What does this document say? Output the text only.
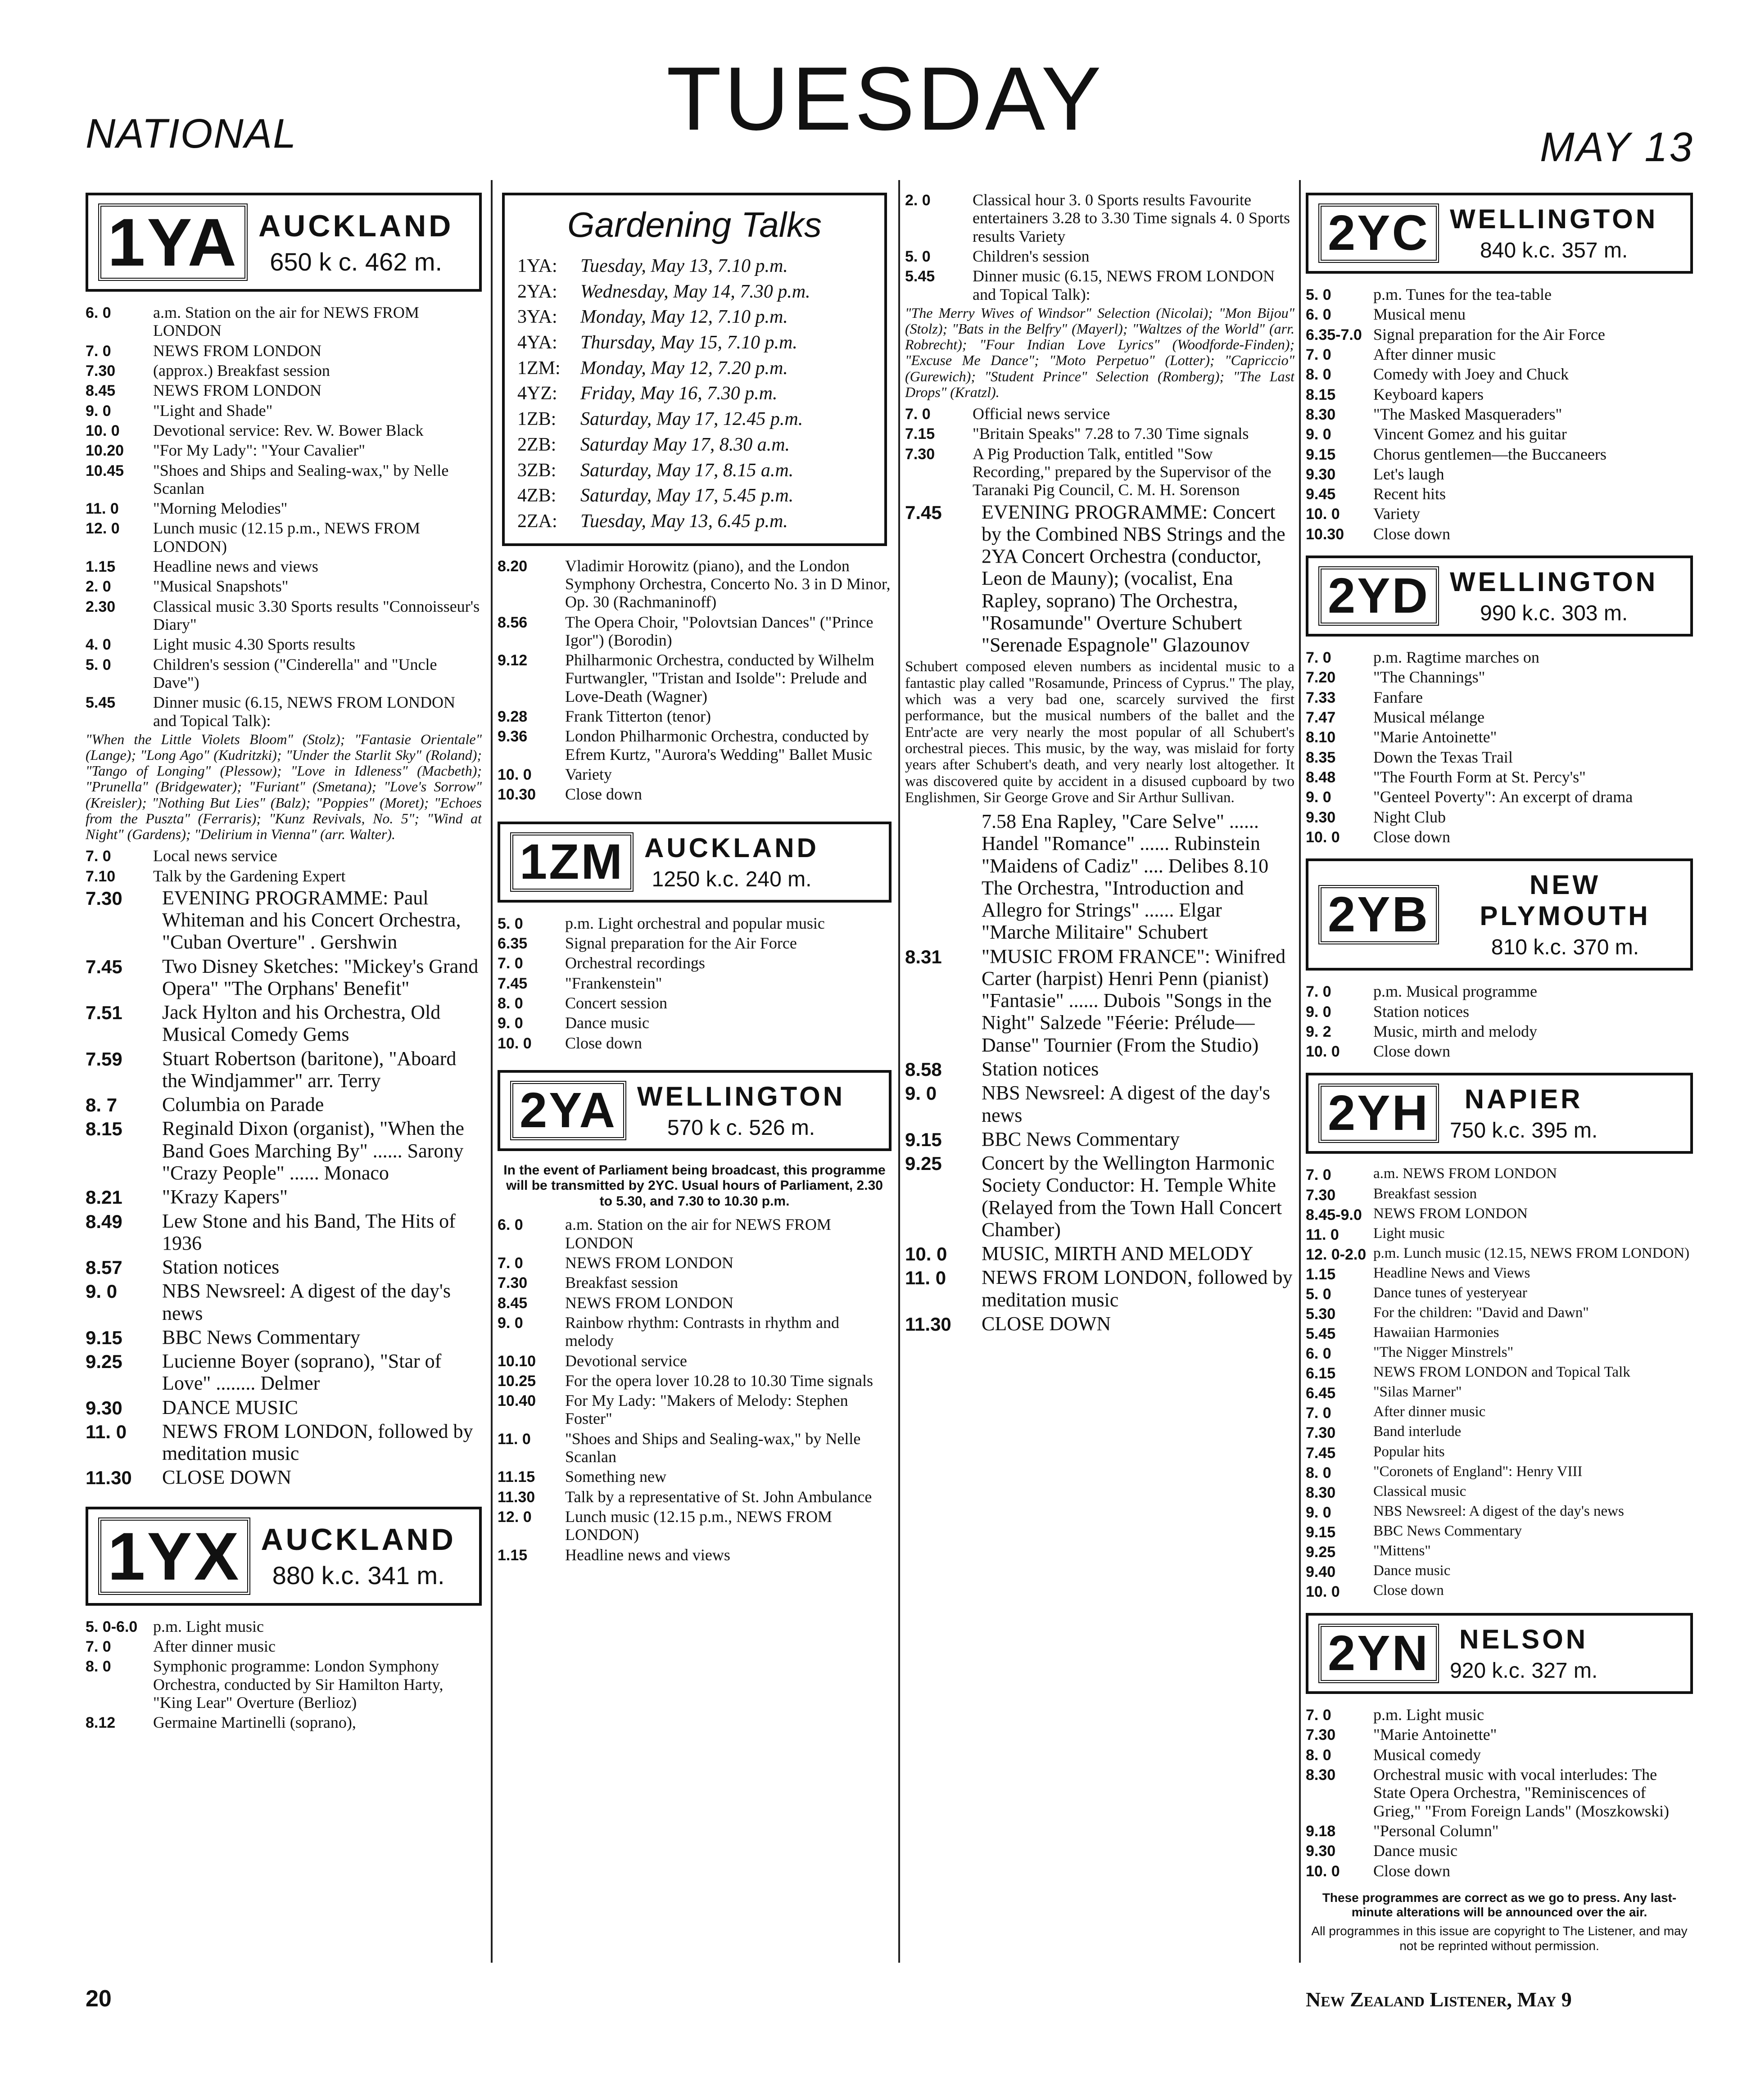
NATIONAL	TUESDAY	MAY 13
1YA AUCKLAND
650 k c. 462 m.
6. 0	a.m. Station on the air for NEWS FROM LONDON
7. 0	NEWS FROM LONDON
7.30	(approx.) Breakfast session
8.45	NEWS FROM LONDON
9. 0	"Light and Shade"
10. 0	Devotional service: Rev. W. Bower Black
10.20	"For My Lady": "Your Cavalier"
10.45	"Shoes and Ships and Sealing-wax," by Nelle Scanlan
11. 0	"Morning Melodies"
12. 0	Lunch music (12.15 p.m., NEWS FROM LONDON)
1.15	Headline news and views
2. 0	"Musical Snapshots"
2.30	Classical music 3.30 Sports results "Connoisseur's Diary"
4. 0	Light music 4.30 Sports results
5. 0	Children's session ("Cinderella" and "Uncle Dave")
5.45	Dinner music (6.15, NEWS FROM LONDON and Topical Talk):
"When the Little Violets Bloom" (Stolz); "Fantasie Orientale" (Lange); "Long Ago" (Kudritzki); "Under the Starlit Sky" (Roland); "Tango of Longing" (Plessow); "Love in Idleness" (Macbeth); "Prunella" (Bridgewater); "Furiant" (Smetana); "Love's Sorrow" (Kreisler); "Nothing But Lies" (Balz); "Poppies" (Moret); "Echoes from the Puszta" (Ferraris); "Kunz Revivals, No. 5"; "Wind at Night" (Gardens); "Delirium in Vienna" (arr. Walter).
7. 0	Local news service
7.10	Talk by the Gardening Expert
7.30	EVENING PROGRAMME: Paul Whiteman and his Concert Orchestra, "Cuban Overture" . Gershwin
7.45	Two Disney Sketches: "Mickey's Grand Opera" "The Orphans' Benefit"
7.51	Jack Hylton and his Orchestra, Old Musical Comedy Gems
7.59	Stuart Robertson (baritone), "Aboard the Windjammer" arr. Terry
8. 7	Columbia on Parade
8.15	Reginald Dixon (organist), "When the Band Goes Marching By" ...... Sarony "Crazy People" ...... Monaco
8.21	"Krazy Kapers"
8.49	Lew Stone and his Band, The Hits of 1936
8.57	Station notices
9. 0	NBS Newsreel: A digest of the day's news
9.15	BBC News Commentary
9.25	Lucienne Boyer (soprano), "Star of Love" ........ Delmer
9.30	DANCE MUSIC
11. 0	NEWS FROM LONDON, followed by meditation music
11.30	CLOSE DOWN
1YX AUCKLAND
880 k.c. 341 m.
5. 0-6.0 p.m. Light music
7. 0	After dinner music
8. 0	Symphonic programme: London Symphony Orchestra, conducted by Sir Hamilton Harty, "King Lear" Overture (Berlioz)
8.12	Germaine Martinelli (soprano),
Gardening Talks
1YA:	Tuesday, May 13, 7.10 p.m.
2YA:	Wednesday, May 14, 7.30 p.m.
3YA:	Monday, May 12, 7.10 p.m.
4YA:	Thursday, May 15, 7.10 p.m.
1ZM:	Monday, May 12, 7.20 p.m.
4YZ:	Friday, May 16, 7.30 p.m.
1ZB:	Saturday, May 17, 12.45 p.m.
2ZB:	Saturday May 17, 8.30 a.m.
3ZB:	Saturday, May 17, 8.15 a.m.
4ZB:	Saturday, May 17, 5.45 p.m.
2ZA:	Tuesday, May 13, 6.45 p.m.
8.20	Vladimir Horowitz (piano), and the London Symphony Orchestra, Concerto No. 3 in D Minor, Op. 30 (Rachmaninoff)
8.56	The Opera Choir, "Polovtsian Dances" ("Prince Igor") (Borodin)
9.12	Philharmonic Orchestra, conducted by Wilhelm Furtwangler, "Tristan and Isolde": Prelude and Love-Death (Wagner)
9.28	Frank Titterton (tenor)
9.36	London Philharmonic Orchestra, conducted by Efrem Kurtz, "Aurora's Wedding" Ballet Music
10. 0	Variety
10.30	Close down
1ZM AUCKLAND
1250 k.c. 240 m.
5. 0	p.m. Light orchestral and popular music
6.35	Signal preparation for the Air Force
7. 0	Orchestral recordings
7.45	"Frankenstein"
8. 0	Concert session
9. 0	Dance music
10. 0	Close down
2YA WELLINGTON
570 k c. 526 m.
In the event of Parliament being broadcast, this programme will be transmitted by 2YC. Usual hours of Parliament, 2.30 to 5.30, and 7.30 to 10.30 p.m.
6. 0	a.m. Station on the air for NEWS FROM LONDON
7. 0	NEWS FROM LONDON
7.30	Breakfast session
8.45	NEWS FROM LONDON
9. 0	Rainbow rhythm: Contrasts in rhythm and melody
10.10	Devotional service
10.25	For the opera lover 10.28 to 10.30 Time signals
10.40	For My Lady: "Makers of Melody: Stephen Foster"
11. 0	"Shoes and Ships and Sealing-wax," by Nelle Scanlan
11.15	Something new
11.30	Talk by a representative of St. John Ambulance
12. 0	Lunch music (12.15 p.m., NEWS FROM LONDON)
1.15	Headline news and views
2. 0	Classical hour 3. 0 Sports results Favourite entertainers 3.28 to 3.30 Time signals 4. 0 Sports results Variety
5. 0	Children's session
5.45	Dinner music (6.15, NEWS FROM LONDON and Topical Talk):
"The Merry Wives of Windsor" Selection (Nicolai); "Mon Bijou" (Stolz); "Bats in the Belfry" (Mayerl); "Waltzes of the World" (arr. Robrecht); "Four Indian Love Lyrics" (Woodforde-Finden); "Excuse Me Dance"; "Moto Perpetuo" (Lotter); "Capriccio" (Gurewich); "Student Prince" Selection (Romberg); "The Last Drops" (Kratzl).
7. 0	Official news service
7.15	"Britain Speaks" 7.28 to 7.30 Time signals
7.30	A Pig Production Talk, entitled "Sow Recording," prepared by the Supervisor of the Taranaki Pig Council, C. M. H. Sorenson
7.45	EVENING PROGRAMME: Concert by the Combined NBS Strings and the 2YA Concert Orchestra (conductor, Leon de Mauny); (vocalist, Ena Rapley, soprano) The Orchestra, "Rosamunde" Overture Schubert "Serenade Espagnole" Glazounov
Schubert composed eleven numbers as incidental music to a fantastic play called "Rosamunde, Princess of Cyprus." The play, which was a very bad one, scarcely survived the first performance, but the musical numbers of the ballet and the Entr'acte are very nearly the most popular of all Schubert's orchestral pieces. This music, by the way, was mislaid for forty years after Schubert's death, and very nearly lost altogether. It was discovered quite by accident in a disused cupboard by two Englishmen, Sir George Grove and Sir Arthur Sullivan.
7.58 Ena Rapley, "Care Selve" ...... Handel "Romance" ...... Rubinstein "Maidens of Cadiz" .... Delibes 8.10 The Orchestra, "Introduction and Allegro for Strings" ...... Elgar "Marche Militaire" Schubert
8.31	"MUSIC FROM FRANCE": Winifred Carter (harpist) Henri Penn (pianist) "Fantasie" ...... Dubois "Songs in the Night" Salzede "Féerie: Prélude—Danse" Tournier (From the Studio)
8.58	Station notices
9. 0	NBS Newsreel: A digest of the day's news
9.15	BBC News Commentary
9.25	Concert by the Wellington Harmonic Society Conductor: H. Temple White (Relayed from the Town Hall Concert Chamber)
10. 0	MUSIC, MIRTH AND MELODY
11. 0	NEWS FROM LONDON, followed by meditation music
11.30	CLOSE DOWN
2YC WELLINGTON
840 k.c. 357 m.
5. 0	p.m. Tunes for the tea-table
6. 0	Musical menu
6.35-7.0 Signal preparation for the Air Force
7. 0	After dinner music
8. 0	Comedy with Joey and Chuck
8.15	Keyboard kapers
8.30	"The Masked Masqueraders"
9. 0	Vincent Gomez and his guitar
9.15	Chorus gentlemen—the Buccaneers
9.30	Let's laugh
9.45	Recent hits
10. 0	Variety
10.30	Close down
2YD WELLINGTON
990 k.c. 303 m.
7. 0	p.m. Ragtime marches on
7.20	"The Channings"
7.33	Fanfare
7.47	Musical mélange
8.10	"Marie Antoinette"
8.35	Down the Texas Trail
8.48	"The Fourth Form at St. Percy's"
9. 0	"Genteel Poverty": An excerpt of drama
9.30	Night Club
10. 0	Close down
2YB
NEW PLYMOUTH
810 k.c. 370 m.
7. 0	p.m. Musical programme
9. 0	Station notices
9. 2	Music, mirth and melody
10. 0	Close down
2YH	NAPIER
750 k.c. 395 m.
7. 0	a.m. NEWS FROM LONDON
7.30	Breakfast session
8.45-9.0 NEWS FROM LONDON
11. 0	Light music
12. 0-2.0 p.m. Lunch music (12.15, NEWS FROM LONDON)
1.15	Headline News and Views
5. 0	Dance tunes of yesteryear
5.30	For the children: "David and Dawn"
5.45	Hawaiian Harmonies
6. 0	"The Nigger Minstrels"
6.15	NEWS FROM LONDON and Topical Talk
6.45	"Silas Marner"
7. 0	After dinner music
7.30	Band interlude
7.45	Popular hits
8. 0	"Coronets of England": Henry VIII
8.30	Classical music
9. 0	NBS Newsreel: A digest of the day's news
9.15	BBC News Commentary
9.25	"Mittens"
9.40	Dance music
10. 0	Close down
2YN	NELSON
920 k.c. 327 m.
7. 0	p.m. Light music
7.30	"Marie Antoinette"
8. 0	Musical comedy
8.30	Orchestral music with vocal interludes: The State Opera Orchestra, "Reminiscences of Grieg," "From Foreign Lands" (Moszkowski)
9.18	"Personal Column"
9.30	Dance music
10. 0	Close down
These programmes are correct as we go to press. Any last-minute alterations will be announced over the air.
All programmes in this issue are copyright to The Listener, and may not be reprinted without permission.
20	New Zealand Listener, May 9
